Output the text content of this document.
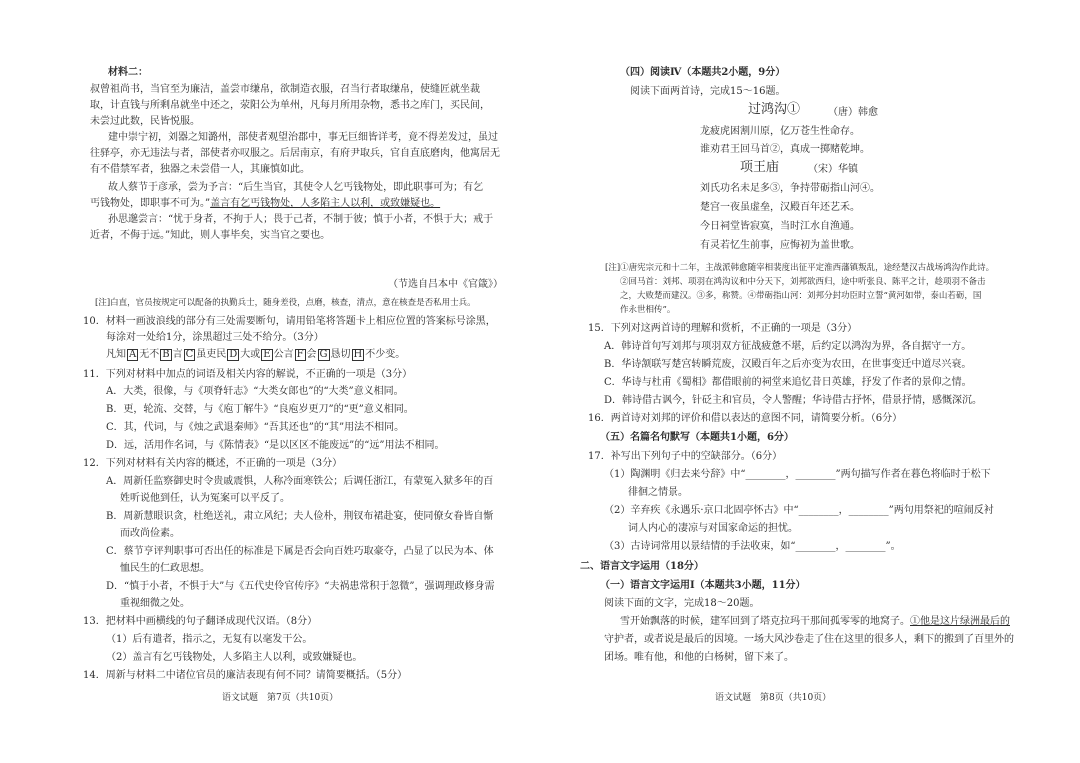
材料二：
叔曾祖尚书，当官至为廉洁，盖尝市缣帛，欲制造衣服，召当行者取缣帛，使缝匠就坐裁
取，计直钱与所剩帛就坐中还之，荥阳公为单州，凡每月所用杂物，悉书之库门，买民间，
未尝过此数，民皆悦服。
建中崇宁初，刘器之知潞州，部使者观望治郡中，事无巨细皆详考，竟不得差发过，虽过
往驿亭，亦无违法与者，部使者亦叹服之。后居南京，有府尹取兵，官自直底磨肉，他寓居无
有不借禁军者，独器之未尝借一人，其廉慎如此。
故人蔡节于彦承，尝为予言：“后生当官，其使令人乞丐钱物处，即此职事可为；有乞
丐钱物处，即职事不可为。”盖言有乞丐钱物处，人多陷主人以利，或致嫌疑也。
孙思邈尝言：“忧于身者，不拘于人；畏于己者，不制于彼；慎于小者，不惧于大；戒于
近者，不侮于远。”知此，则人事毕矣，实当官之要也。
（节选自吕本中《官箴》）
[注]白直，官员按规定可以配备的执勤兵士，随身差役，点磨，核查，清点，意在核查是否私用士兵。
10．材料一画波浪线的部分有三处需要断句，请用铅笔将答题卡上相应位置的答案标号涂黑，
每涂对一处给1分，涂黑超过三处不给分。（3分）
凡知 A 无不 B 言 C 虽吏民 D 大或 E 公言 F 会 G 恳切 H 不少变。
11．下列对材料中加点的词语及相关内容的解说，不正确的一项是（3分）
A．大类，很像，与《项脊轩志》“大类女郎也”的“大类”意义相同。
B．更，轮流、交替，与《庖丁解牛》“良庖岁更刀”的“更”意义相同。
C．其，代词，与《烛之武退秦师》“吾其还也”的“其”用法不相同。
D．远，活用作名词，与《陈情表》“是以区区不能废远”的“远”用法不相同。
12．下列对材料有关内容的概述，不正确的一项是（3分）
A．周新任监察御史时令贵戚震惧，人称冷面寒铁公；后调任浙江，有蒙冤入狱多年的百
姓听说他到任，认为冤案可以平反了。
B．周新慧眼识贪，杜绝送礼，肃立风纪；夫人俭朴，荆钗布裙赴宴，使同僚女眷皆自惭
而改尚俭素。
C．蔡节亨评判职事可否出任的标准是下属是否会向百姓巧取豪夺，凸显了以民为本、体
恤民生的仁政思想。
D．“慎于小者，不惧于大”与《五代史伶官传序》“夫祸患常积于忽微”，强调理政修身需
重视细微之处。
13．把材料中画横线的句子翻译成现代汉语。（8分）
（1）后有遣者，指示之，无复有以毫发干公。
（2）盖言有乞丐钱物处，人多陷主人以利，或致嫌疑也。
14．周新与材料二中诸位官员的廉洁表现有何不同？请简要概括。（5分）
语文试题　第7页（共10页）
（四）阅读Ⅳ（本题共2小题，9分）
阅读下面两首诗，完成15～16题。
过鸿沟①	（唐）韩愈
龙疲虎困割川原，亿万苍生性命存。
谁劝君王回马首②，真成一掷赌乾坤。
项王庙	（宋）华镇
刘氏功名未足多③，争持带砺指山河④。
楚宫一夜虽虚垒，汉殿百年还艺禾。
今日祠堂皆寂寞，当时江水自渔通。
有灵若忆生前事，应悔初为盖世歌。
[注]①唐宪宗元和十二年，主战派韩愈随宰相裴度出征平定淮西藩镇叛乱，途经楚汉古战场鸿沟作此诗。
②回马首：刘邦、项羽在鸿沟议和中分天下，刘邦欲西归，途中听张良、陈平之计，趁项羽不备击
之，大败楚而建汉。③多，称赞。④带砺指山河：刘邦分封功臣时立誓“黄河如带，泰山若砺，国
作永世相传”。
15．下列对这两首诗的理解和赏析，不正确的一项是（3分）
A．韩诗首句写刘邦与项羽双方征战疲惫不堪，后约定以鸿沟为界，各自据守一方。
B．华诗颔联写楚宫转瞬荒废，汉殿百年之后亦变为农田，在世事变迁中道尽兴衰。
C．华诗与杜甫《蜀相》都借眼前的祠堂来追忆昔日英雄，抒发了作者的景仰之情。
D．韩诗借古讽今，针砭主和官员，令人警醒；华诗借古抒怀，借景抒情，感慨深沉。
16．两首诗对刘邦的评价和借以表达的意图不同，请简要分析。（6分）
（五）名篇名句默写（本题共1小题，6分）
17．补写出下列句子中的空缺部分。（6分）
（1）陶渊明《归去来兮辞》中“________，________”两句描写作者在暮色将临时于松下
徘徊之情景。
（2）辛弃疾《永遇乐·京口北固亭怀古》中“________，________”两句用祭祀的喧闹反衬
词人内心的凄凉与对国家命运的担忧。
（3）古诗词常用以景结情的手法收束，如“________，________”。
二、语言文字运用（18分）
（一）语言文字运用Ⅰ（本题共3小题，11分）
阅读下面的文字，完成18～20题。
雪开始飘落的时候，建军回到了塔克拉玛干那间孤零零的地窝子。①他是这片绿洲最后的
守护者，或者说是最后的因境。一场大风沙卷走了住在这里的很多人，剩下的搬到了百里外的
团场。唯有他，和他的白杨树，留下来了。
语文试题　第8页（共10页）
